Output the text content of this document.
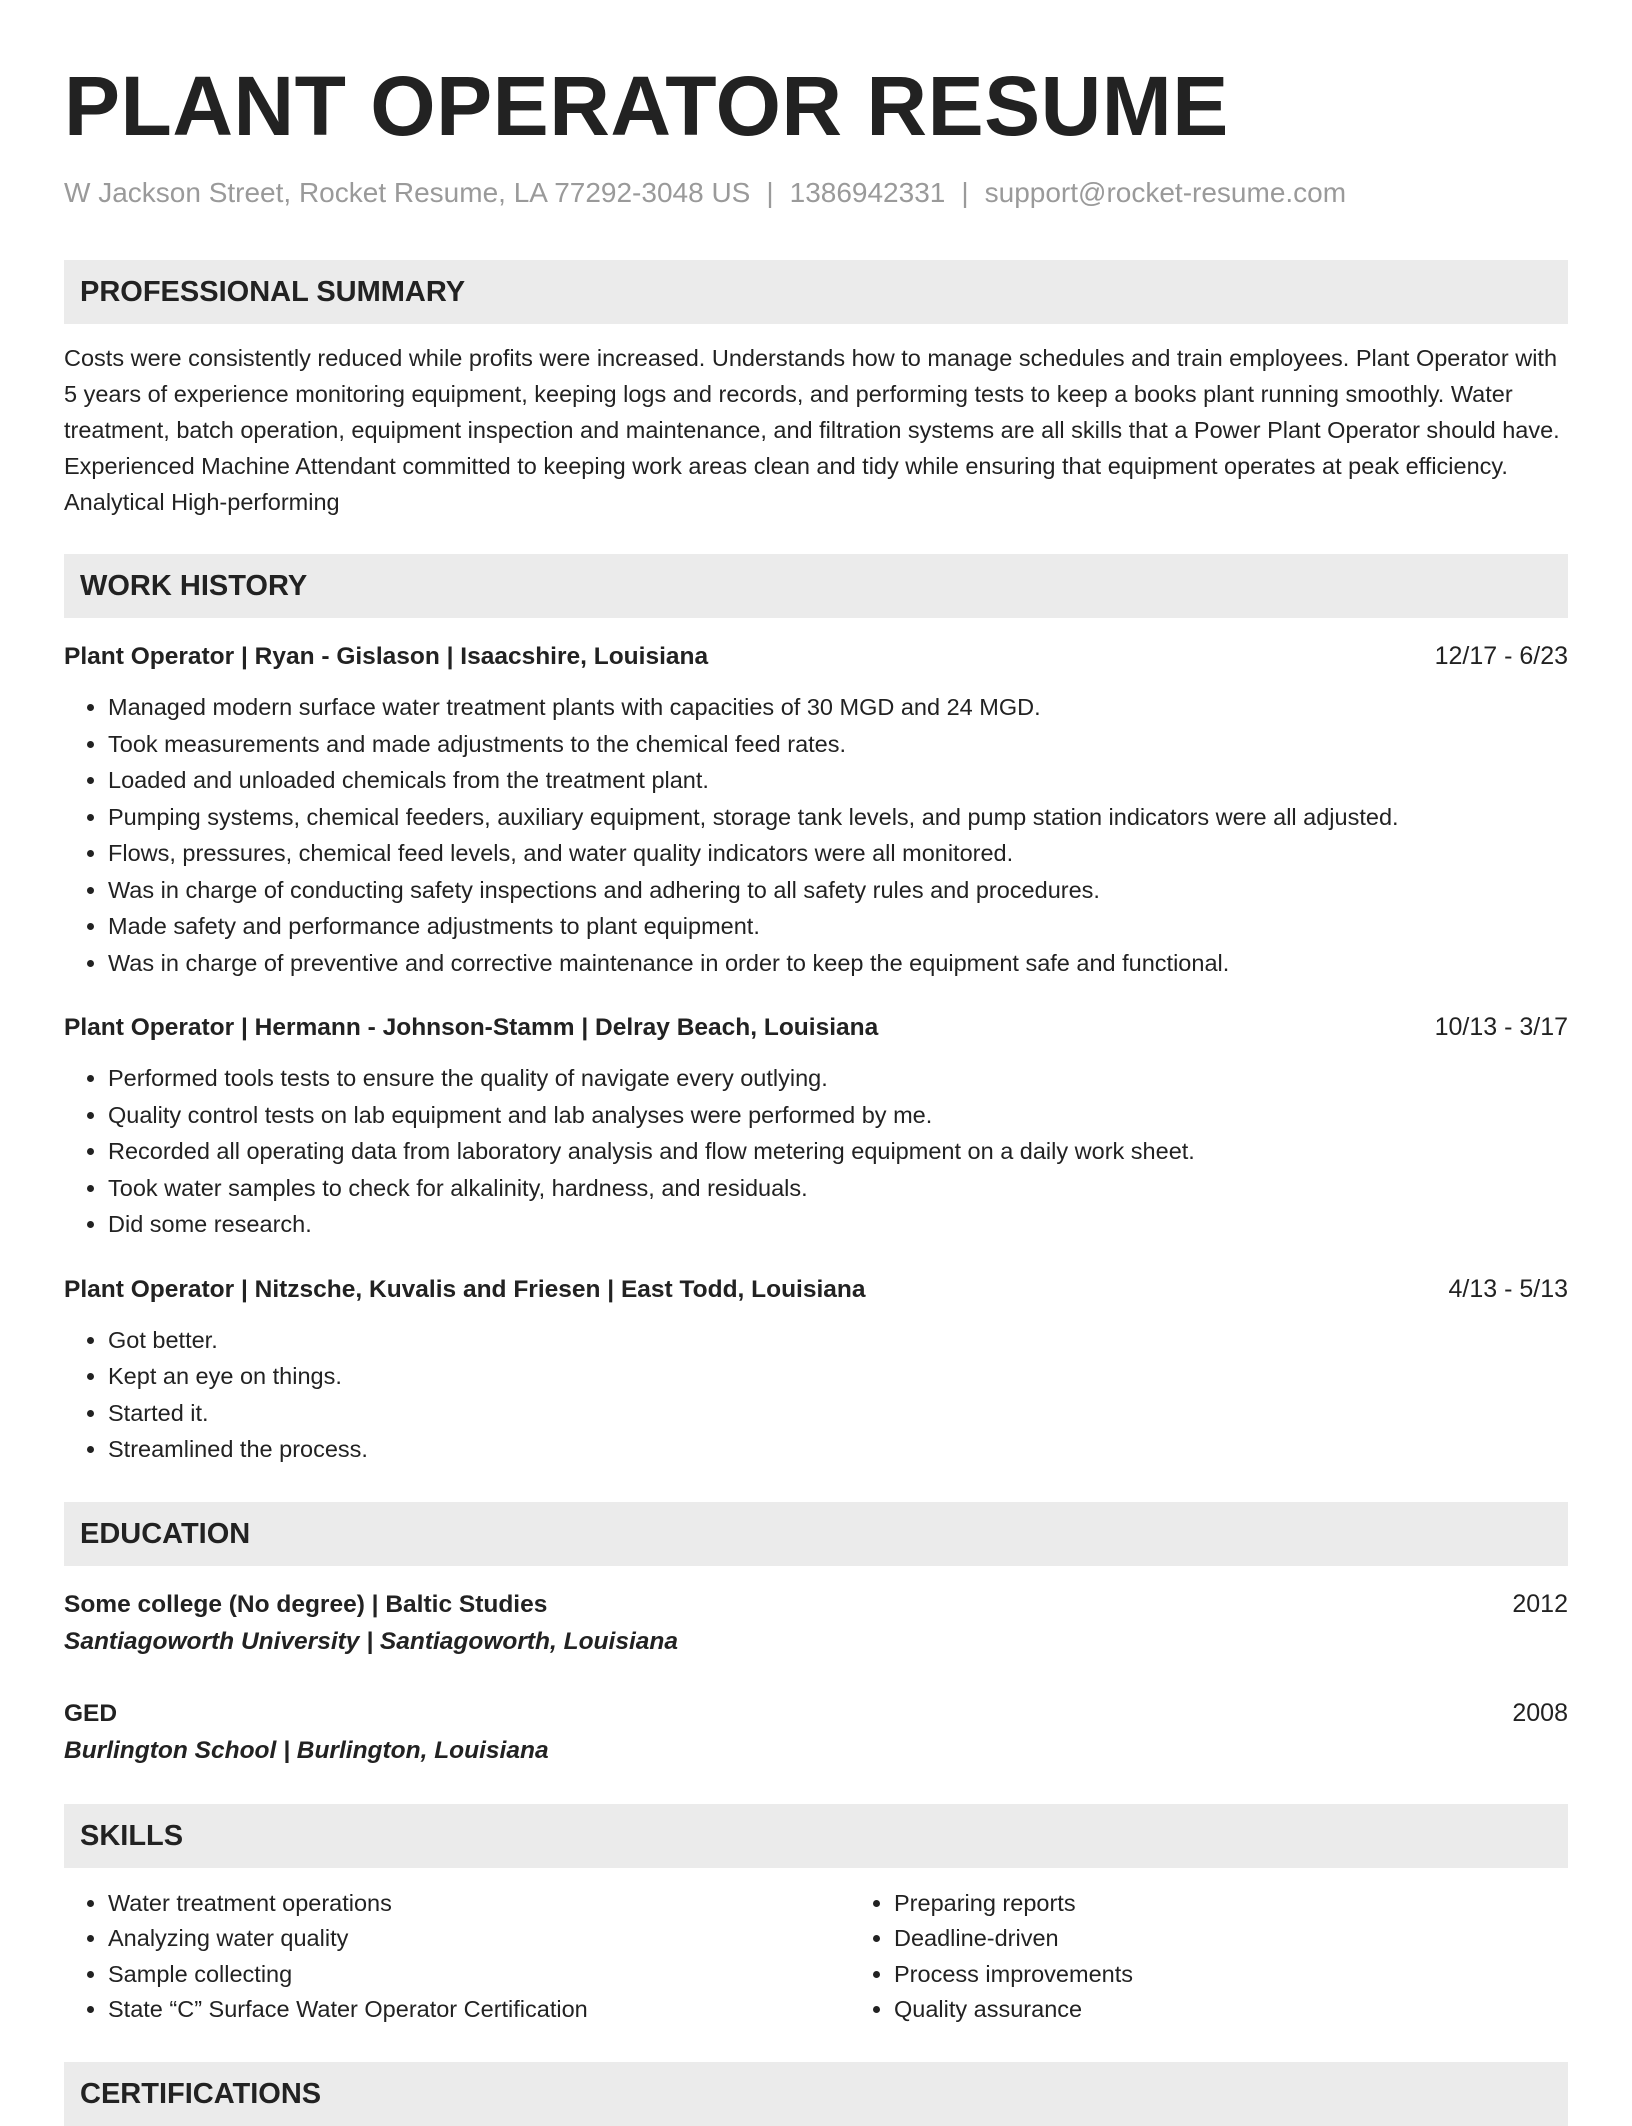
PLANT OPERATOR RESUME
W Jackson Street, Rocket Resume, LA 77292-3048 US | 1386942331 | support@rocket-resume.com
PROFESSIONAL SUMMARY
Costs were consistently reduced while profits were increased. Understands how to manage schedules and train employees. Plant Operator with 5 years of experience monitoring equipment, keeping logs and records, and performing tests to keep a books plant running smoothly. Water treatment, batch operation, equipment inspection and maintenance, and filtration systems are all skills that a Power Plant Operator should have. Experienced Machine Attendant committed to keeping work areas clean and tidy while ensuring that equipment operates at peak efficiency. Analytical High-performing
WORK HISTORY
Plant Operator | Ryan - Gislason | Isaacshire, Louisiana	12/17 - 6/23
• Managed modern surface water treatment plants with capacities of 30 MGD and 24 MGD.
• Took measurements and made adjustments to the chemical feed rates.
• Loaded and unloaded chemicals from the treatment plant.
• Pumping systems, chemical feeders, auxiliary equipment, storage tank levels, and pump station indicators were all adjusted.
• Flows, pressures, chemical feed levels, and water quality indicators were all monitored.
• Was in charge of conducting safety inspections and adhering to all safety rules and procedures.
• Made safety and performance adjustments to plant equipment.
• Was in charge of preventive and corrective maintenance in order to keep the equipment safe and functional.
Plant Operator | Hermann - Johnson-Stamm | Delray Beach, Louisiana	10/13 - 3/17
• Performed tools tests to ensure the quality of navigate every outlying.
• Quality control tests on lab equipment and lab analyses were performed by me.
• Recorded all operating data from laboratory analysis and flow metering equipment on a daily work sheet.
• Took water samples to check for alkalinity, hardness, and residuals.
• Did some research.
Plant Operator | Nitzsche, Kuvalis and Friesen | East Todd, Louisiana	4/13 - 5/13
• Got better.
• Kept an eye on things.
• Started it.
• Streamlined the process.
EDUCATION
Some college (No degree) | Baltic Studies	2012
Santiagoworth University | Santiagoworth, Louisiana
GED	2008
Burlington School | Burlington, Louisiana
SKILLS
• Water treatment operations
• Analyzing water quality
• Sample collecting
• State “C” Surface Water Operator Certification
• Preparing reports
• Deadline-driven
• Process improvements
• Quality assurance
CERTIFICATIONS
